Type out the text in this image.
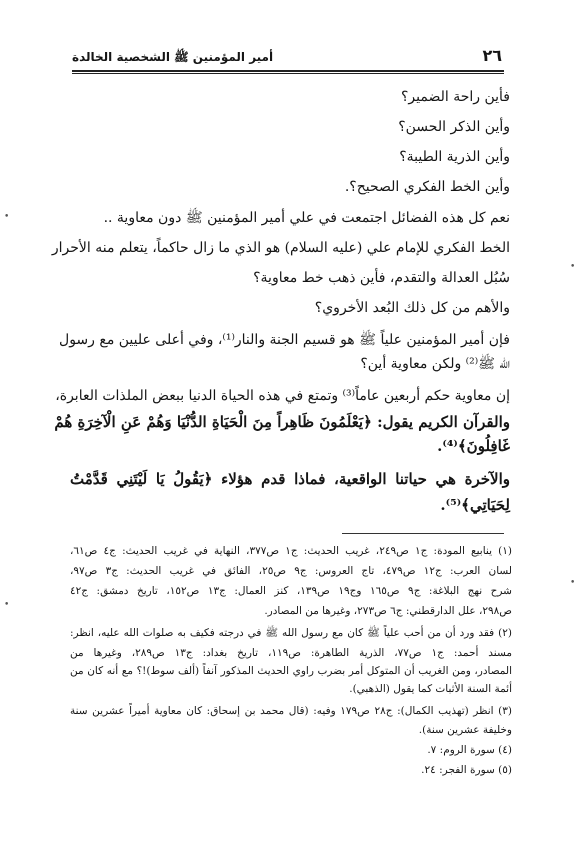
أمير المؤمنين ﷺ الشخصية الخالدة	٢٦
فأين راحة الضمير؟
وأين الذكر الحسن؟
وأين الذرية الطيبة؟
وأين الخط الفكري الصحيح؟.
نعم كل هذه الفضائل اجتمعت في علي أمير المؤمنين ﷺ دون معاوية ..
الخط الفكري للإمام علي (عليه السلام) هو الذي ما زال حاكماً، يتعلم منه الأحرار
سُبُل العدالة والتقدم، فأين ذهب خط معاوية؟
والأهم من كل ذلك البُعد الأخروي؟
فإن أمير المؤمنين علياً ﷺ هو قسيم الجنة والنار⁽¹⁾، وفي أعلى عليين مع رسول
الله ﷺ⁽²⁾ ولكن معاوية أين؟
إن معاوية حكم أربعين عاماً⁽³⁾ وتمتع في هذه الحياة الدنيا ببعض الملذات العابرة،
والقرآن الكريم يقول: ﴿يَعْلَمُونَ ظَاهِراً مِنَ الْحَيَاةِ الدُّنْيَا وَهُمْ عَنِ الْآخِرَةِ هُمْ
غَافِلُونَ﴾⁽⁴⁾.
والآخرة هي حياتنا الواقعية، فماذا قدم هؤلاء ﴿يَقُولُ يَا لَيْتَنِي قَدَّمْتُ
لِحَيَاتِي﴾⁽⁵⁾.
(١) ينابيع المودة: ج١ ص٢٤٩، غريب الحديث: ج١ ص٣٧٧، النهاية في غريب الحديث: ج٤ ص٦١،
لسان العرب: ج١٢ ص٤٧٩، تاج العروس: ج٩ ص٢٥، الفائق في غريب الحديث: ج٣ ص٩٧،
شرح نهج البلاغة: ج٩ ص١٦٥ وج١٩ ص١٣٩، كنز العمال: ج١٣ ص١٥٢، تاريخ دمشق: ج٤٢
ص٢٩٨، علل الدارقطني: ج٦ ص٢٧٣، وغيرها من المصادر.
(٢) فقد ورد أن من أحب علياً ﷺ كان مع رسول الله ﷺ في درجته فكيف به صلوات الله عليه، انظر:
مسند أحمد: ج١ ص٧٧، الذرية الطاهرة: ص١١٩، تاريخ بغداد: ج١٣ ص٢٨٩، وغيرها من
المصادر، ومن الغريب أن المتوكل أمر بضرب راوي الحديث المذكور آنفاً (ألف سوط)!؟ مع أنه كان من
أئمة السنة الأثبات كما يقول (الذهبي).
(٣) انظر (تهذيب الكمال): ج٢٨ ص١٧٩ وفيه: (قال محمد بن إسحاق: كان معاوية أميراً عشرين سنة
وخليفة عشرين سنة).
(٤) سورة الروم: ٧.
(٥) سورة الفجر: ٢٤.
•
•
•
•
